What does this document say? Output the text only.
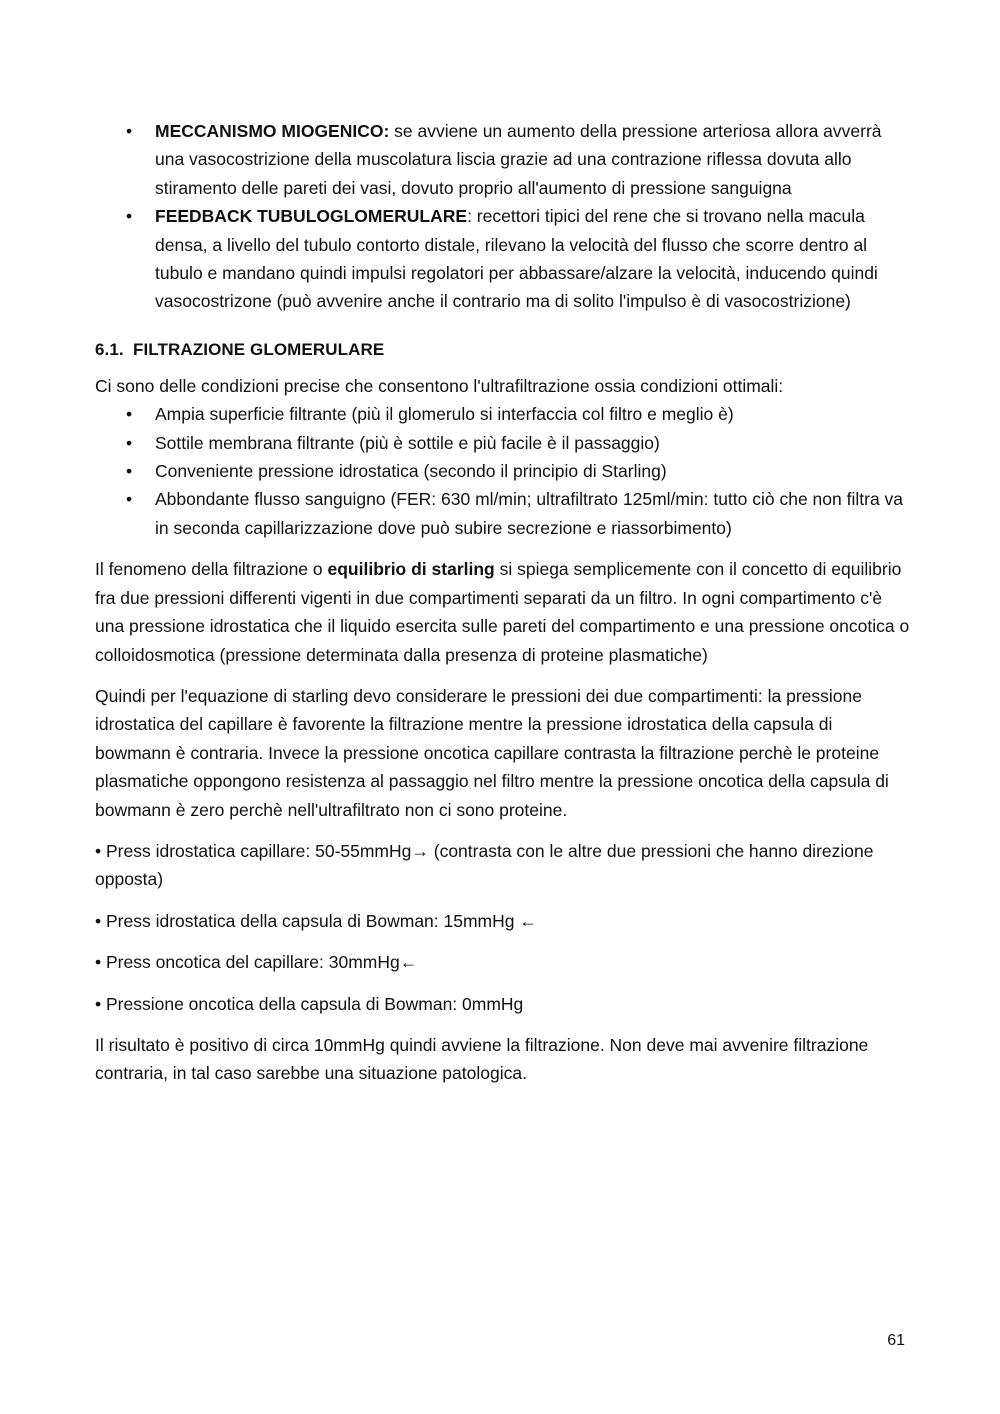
• MECCANISMO MIOGENICO: se avviene un aumento della pressione arteriosa allora avverrà una vasocostrizione della muscolatura liscia grazie ad una contrazione riflessa dovuta allo stiramento delle pareti dei vasi, dovuto proprio all'aumento di pressione sanguigna
• FEEDBACK TUBULOGLOMERULARE: recettori tipici del rene che si trovano nella macula densa, a livello del tubulo contorto distale, rilevano la velocità del flusso che scorre dentro al tubulo e mandano quindi impulsi regolatori per abbassare/alzare la velocità, inducendo quindi vasocostrizone (può avvenire anche il contrario ma di solito l'impulso è di vasocostrizione)
6.1. FILTRAZIONE GLOMERULARE

Ci sono delle condizioni precise che consentono l'ultrafiltrazione ossia condizioni ottimali:

• Ampia superficie filtrante (più il glomerulo si interfaccia col filtro e meglio è)
• Sottile membrana filtrante (più è sottile e più facile è il passaggio)
• Conveniente pressione idrostatica (secondo il principio di Starling)
• Abbondante flusso sanguigno (FER: 630 ml/min; ultrafiltrato 125ml/min: tutto ciò che non filtra va in seconda capillarizzazione dove può subire secrezione e riassorbimento)

Il fenomeno della filtrazione o equilibrio di starling si spiega semplicemente con il concetto di equilibrio fra due pressioni differenti vigenti in due compartimenti separati da un filtro. In ogni compartimento c'è una pressione idrostatica che il liquido esercita sulle pareti del compartimento e una pressione oncotica o colloidosmotica (pressione determinata dalla presenza di proteine plasmatiche)

Quindi per l'equazione di starling devo considerare le pressioni dei due compartimenti: la pressione idrostatica del capillare è favorente la filtrazione mentre la pressione idrostatica della capsula di bowmann è contraria. Invece la pressione oncotica capillare contrasta la filtrazione perchè le proteine plasmatiche oppongono resistenza al passaggio nel filtro mentre la pressione oncotica della capsula di bowmann è zero perchè nell'ultrafiltrato non ci sono proteine.

• Press idrostatica capillare: 50-55mmHg→ (contrasta con le altre due pressioni che hanno direzione opposta)

• Press idrostatica della capsula di Bowman: 15mmHg ←

• Press oncotica del capillare: 30mmHg←

• Pressione oncotica della capsula di Bowman: 0mmHg

Il risultato è positivo di circa 10mmHg quindi avviene la filtrazione. Non deve mai avvenire filtrazione contraria, in tal caso sarebbe una situazione patologica.

61
